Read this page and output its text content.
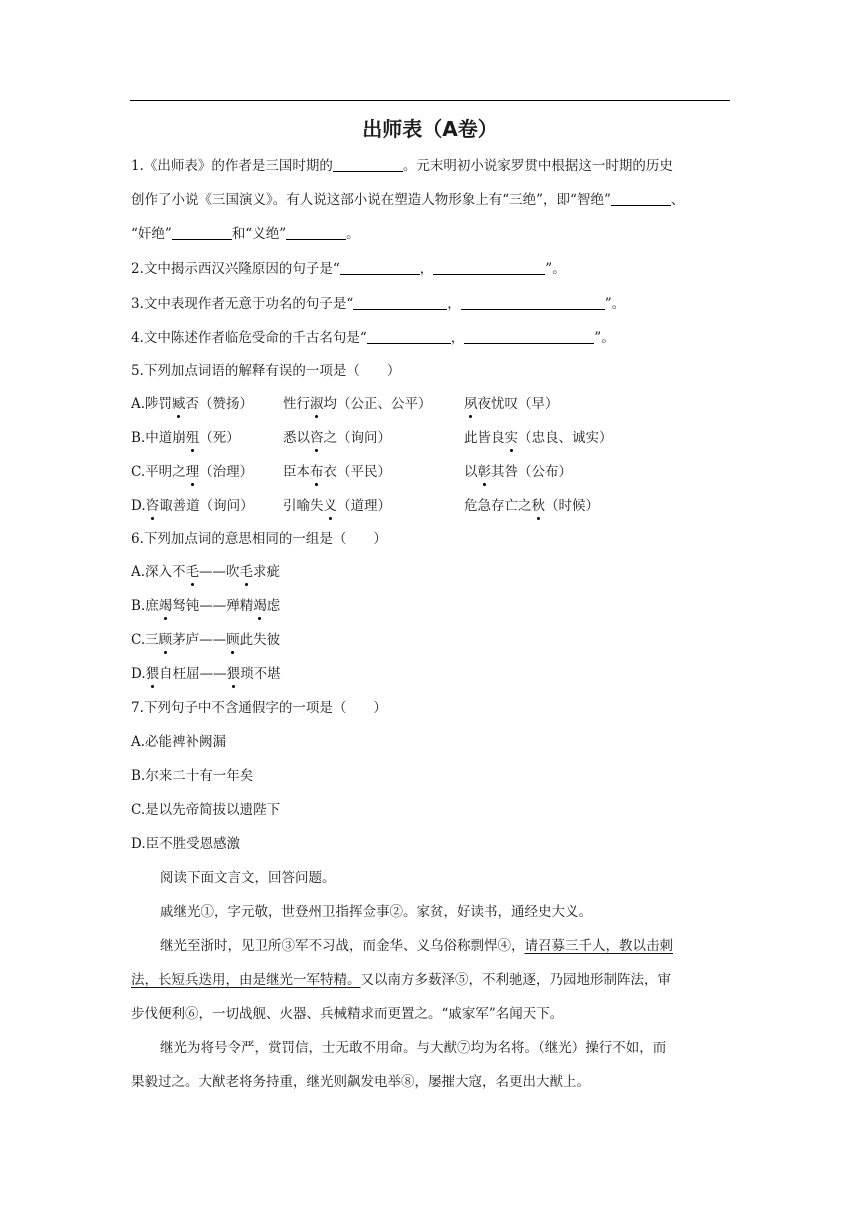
出师表（A卷）
1.《出师表》的作者是三国时期的	。元末明初小说家罗贯中根据这一时期的历史
创作了小说《三国演义》。有人说这部小说在塑造人物形象上有“三绝”，即“智绝”	、
“奸绝”	和“义绝”	。
2.文中揭示西汉兴隆原因的句子是“	，	”。
3.文中表现作者无意于功名的句子是“	，	”。
4.文中陈述作者临危受命的千古名句是“	，	”。
5.下列加点词语的解释有误的一项是（　　）
A.陟罚臧否（赞扬） 性行淑均（公正、公平） 夙夜忧叹（早）
B.中道崩殂（死）	悉以咨之（询问）	此皆良实（忠良、诚实）
C.平明之理（治理） 臣本布衣（平民）	以彰其咎（公布）
D.咨诹善道（询问） 引喻失义（道理）	危急存亡之秋（时候）
6.下列加点词的意思相同的一组是（　　）
A.深入不毛——吹毛求疵
B.庶竭驽钝——殚精竭虑
C.三顾茅庐——顾此失彼
D.猥自枉屈——猥琐不堪
7.下列句子中不含通假字的一项是（　　）
A.必能裨补阙漏
B.尔来二十有一年矣
C.是以先帝简拔以遗陛下
D.臣不胜受恩感激
阅读下面文言文，回答问题。
戚继光①，字元敬，世登州卫指挥佥事②。家贫，好读书，通经史大义。
继光至浙时，见卫所③军不习战，而金华、义乌俗称剽悍④，请召募三千人，教以击刺
法，长短兵迭用，由是继光一军特精。又以南方多薮泽⑤，不利驰逐，乃园地形制阵法，审
步伐便利⑥，一切战舰、火器、兵械精求而更置之。“戚家军”名闻天下。
继光为将号令严，赏罚信，士无敢不用命。与大猷⑦均为名将。（继光）操行不如，而
果毅过之。大猷老将务持重，继光则飙发电举⑧，屡摧大寇，名更出大猷上。
